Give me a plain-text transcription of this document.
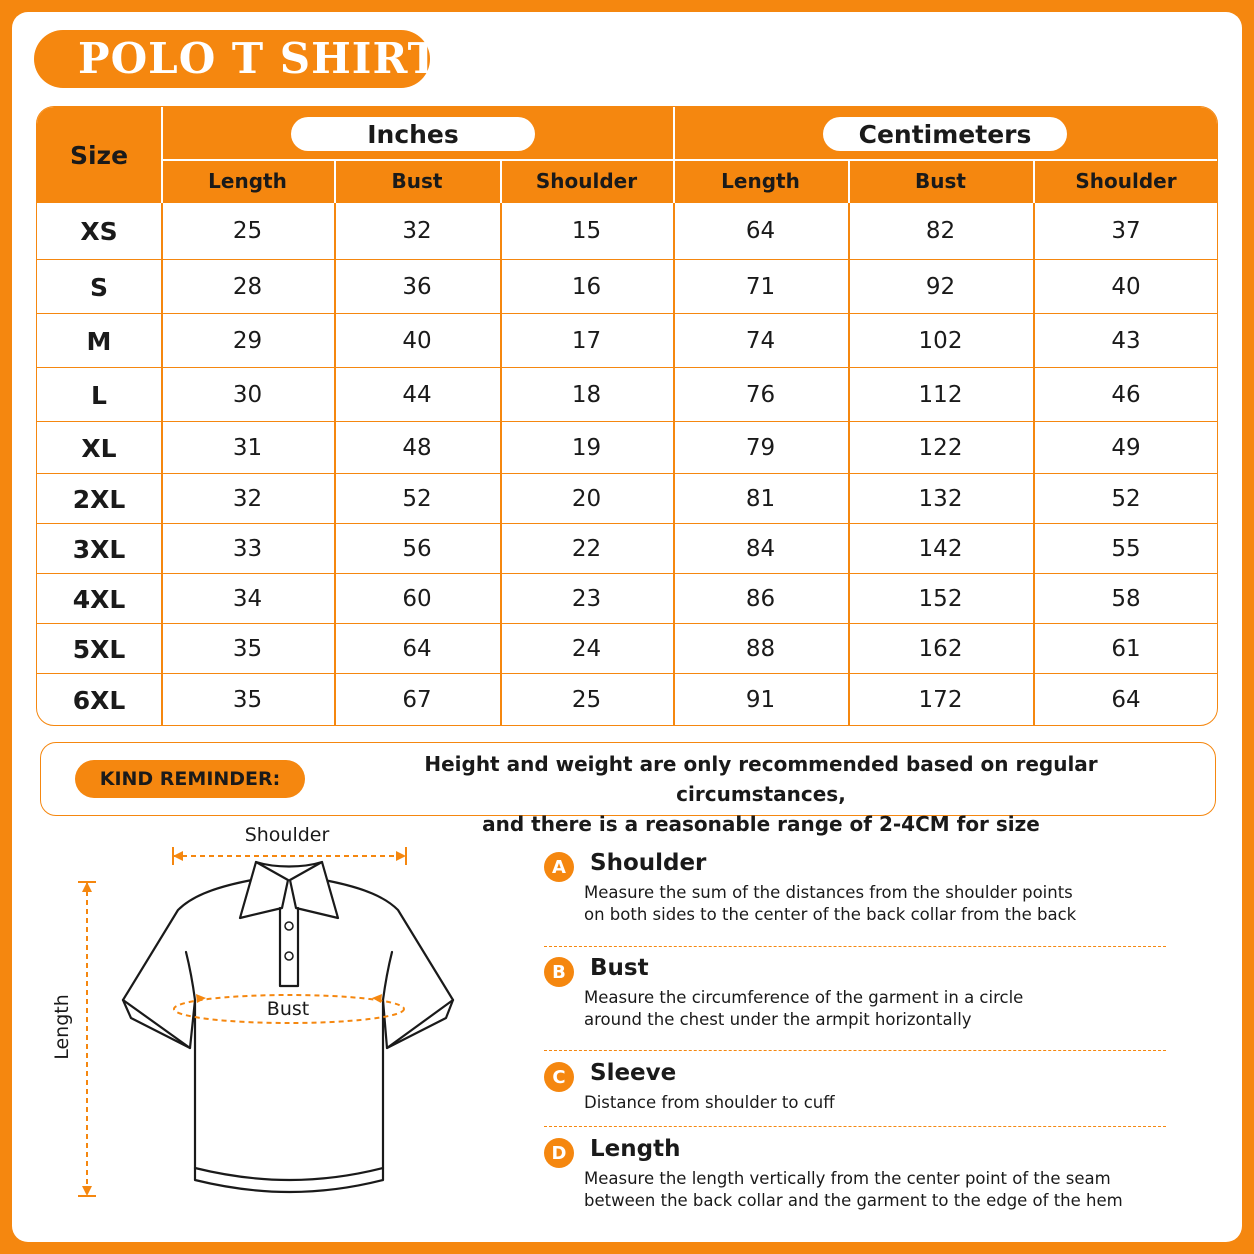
POLO T SHIRT
Size
Inches	Centimeters
Length	Bust	Shoulder	Length	Bust	Shoulder
XS	25	32	15	64	82	37
S	28	36	16	71	92	40
M	29	40	17	74	102	43
L	30	44	18	76	112	46
XL	31	48	19	79	122	49
2XL	32	52	20	81	132	52
3XL	33	56	22	84	142	55
4XL	34	60	23	86	152	58
5XL	35	64	24	88	162	61
6XL	35	67	25	91	172	64
KIND REMINDER:
Height and weight are only recommended based on regular circumstances,
and there is a reasonable range of 2-4CM for size
Shoulder
Bust
Length
A	Shoulder
Measure the sum of the distances from the shoulder points
on both sides to the center of the back collar from the back
B	Bust
Measure the circumference of the garment in a circle
around the chest under the armpit horizontally
C	Sleeve
Distance from shoulder to cuff
D	Length
Measure the length vertically from the center point of the seam
between the back collar and the garment to the edge of the hem
